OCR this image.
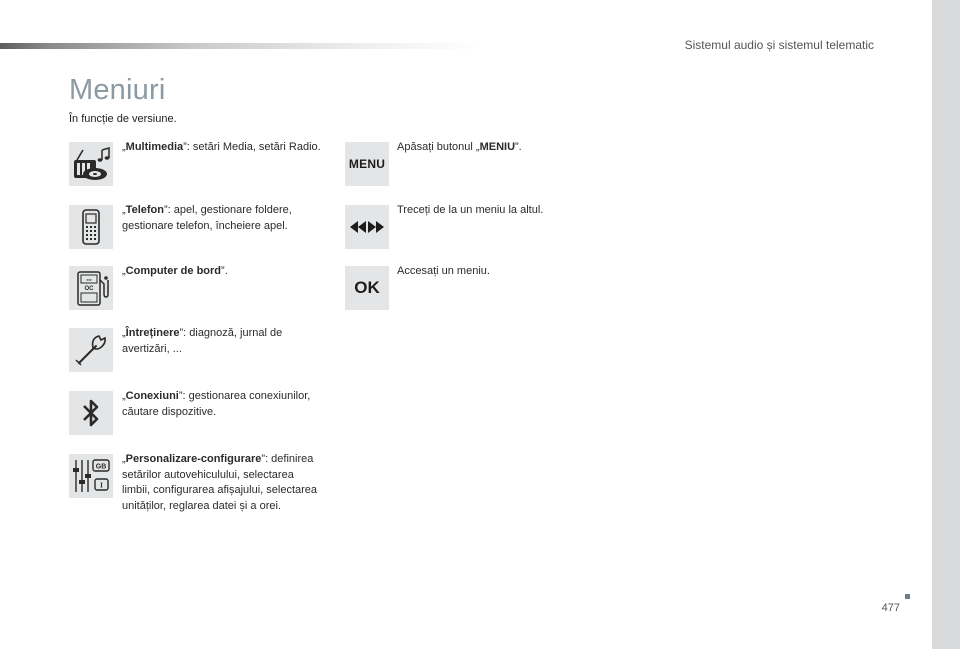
Sistemul audio și sistemul telematic
Meniuri
În funcție de versiune.
„Multimedia”: setări Media, setări Radio.
„Telefon”: apel, gestionare foldere, gestionare telefon, încheiere apel.
▪▪▪
OC
„Computer de bord”.
„Întreținere”: diagnoză, jurnal de avertizări, ...
„Conexiuni”: gestionarea conexiunilor, căutare dispozitive.
GB
I
„Personalizare-configurare”: definirea setărilor autovehiculului, selectarea limbii, configurarea afișajului, selectarea unităților, reglarea datei și a orei.
MENU
Apăsați butonul „MENIU”.
Treceți de la un meniu la altul.
OK
Accesați un meniu.
477
